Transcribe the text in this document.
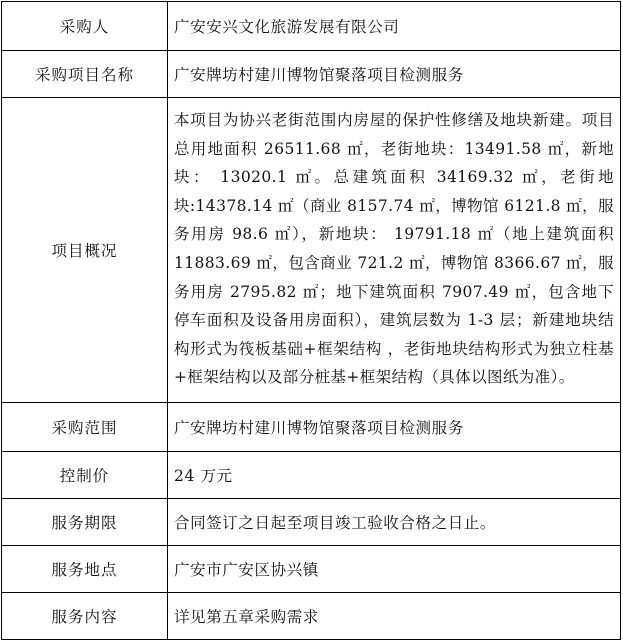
采购人	广安安兴文化旅游发展有限公司
采购项目名称	广安牌坊村建川博物馆聚落项目检测服务
项目概况	本项目为协兴老街范围内房屋的保护性修缮及地块新建。项目总用地面积 26511.68 ㎡，老街地块：13491.58 ㎡，新地块： 13020.1 ㎡。总建筑面积 34169.32 ㎡，老街地块:14378.14 ㎡（商业 8157.74 ㎡，博物馆 6121.8 ㎡，服务用房 98.6 ㎡），新地块： 19791.18 ㎡（地上建筑面积 11883.69 ㎡，包含商业 721.2 ㎡，博物馆 8366.67 ㎡，服务用房 2795.82 ㎡；地下建筑面积 7907.49 ㎡，包含地下停车面积及设备用房面积），建筑层数为 1-3 层；新建地块结构形式为筏板基础+框架结构 ，老街地块结构形式为独立柱基+框架结构以及部分桩基+框架结构（具体以图纸为准）。
采购范围	广安牌坊村建川博物馆聚落项目检测服务
控制价	24 万元
服务期限	合同签订之日起至项目竣工验收合格之日止。
服务地点	广安市广安区协兴镇
服务内容	详见第五章采购需求
